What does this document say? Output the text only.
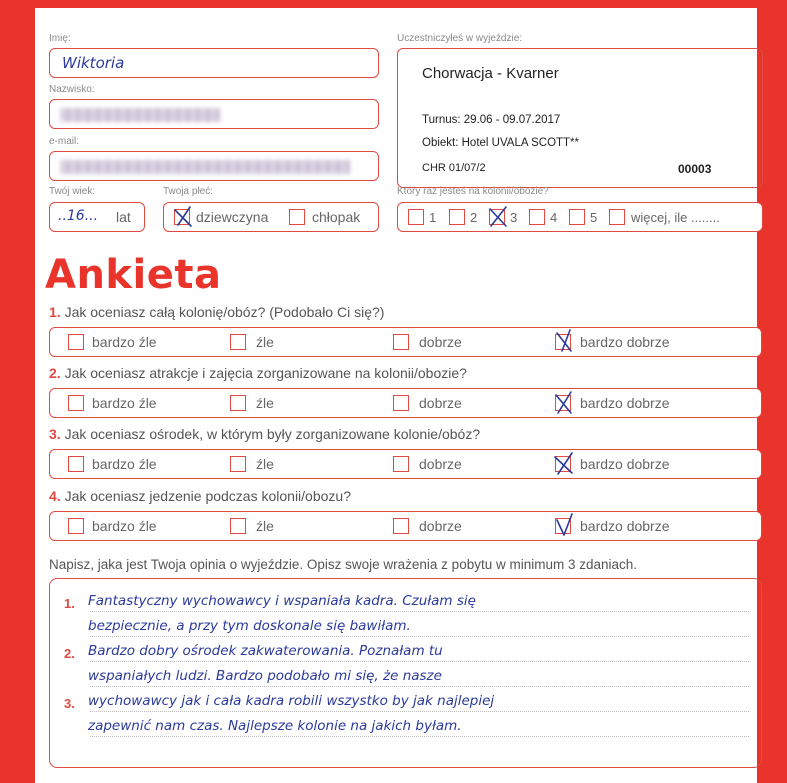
Imię:
Wiktoria
Nazwisko:
e-mail:
Twój wiek:
..16... lat
Twoja płeć:
dziewczyna	chłopak
Uczestniczyłeś w wyjeździe:
Chorwacja - Kvarner
Turnus: 29.06 - 09.07.2017
Obiekt: Hotel UVALA SCOTT**
CHR 01/07/2	00003
Który raz jesteś na kolonii/obozie?
1	2	3	4	5	więcej, ile ........
Ankieta
1. Jak oceniasz całą kolonię/obóz? (Podobało Ci się?)
bardzo źle	źle	dobrze	bardzo dobrze
2. Jak oceniasz atrakcje i zajęcia zorganizowane na kolonii/obozie?
bardzo źle	źle	dobrze	bardzo dobrze
3. Jak oceniasz ośrodek, w którym były zorganizowane kolonie/obóz?
bardzo źle	źle	dobrze	bardzo dobrze
4. Jak oceniasz jedzenie podczas kolonii/obozu?
bardzo źle	źle	dobrze	bardzo dobrze
Napisz, jaka jest Twoja opinia o wyjeździe. Opisz swoje wrażenia z pobytu w minimum 3 zdaniach.
1.
2.
3.
Fantastyczny wychowawcy i wspaniała kadra. Czułam się
bezpiecznie, a przy tym doskonale się bawiłam.
Bardzo dobry ośrodek zakwaterowania. Poznałam tu
wspaniałych ludzi. Bardzo podobało mi się, że nasze
wychowawcy jak i cała kadra robili wszystko by jak najlepiej
zapewnić nam czas. Najlepsze kolonie na jakich byłam.
